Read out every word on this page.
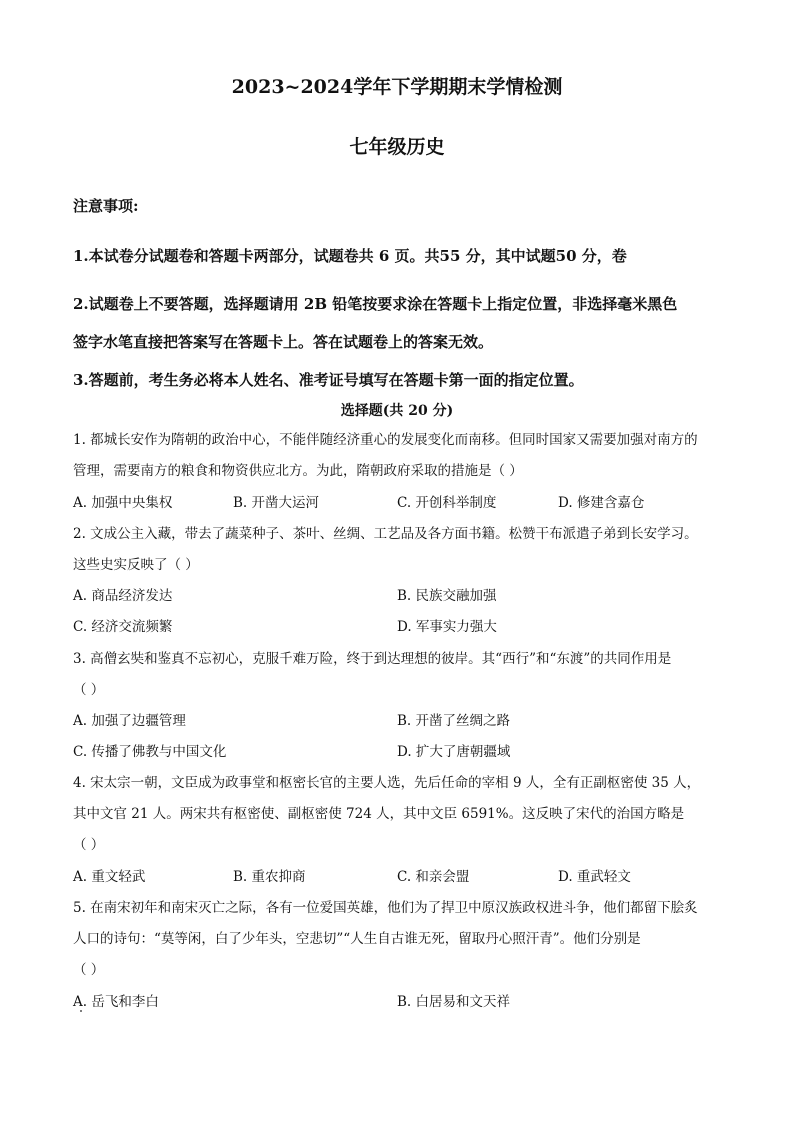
2023~2024学年下学期期末学情检测
七年级历史
注意事项:
1.本试卷分试题卷和答题卡两部分，试题卷共 6 页。共55 分，其中试题50 分，卷
2.试题卷上不要答题，选择题请用 2B 铅笔按要求涂在答题卡上指定位置，非选择毫米黑色
签字水笔直接把答案写在答题卡上。答在试题卷上的答案无效。
3.答题前，考生务必将本人姓名、准考证号填写在答题卡第一面的指定位置。
选择题(共 20 分)
1. 都城长安作为隋朝的政治中心，不能伴随经济重心的发展变化而南移。但同时国家又需要加强对南方的
管理，需要南方的粮食和物资供应北方。为此，隋朝政府采取的措施是（ ）
A. 加强中央集权	B. 开凿大运河	C. 开创科举制度	D. 修建含嘉仓
2. 文成公主入藏，带去了蔬菜种子、茶叶、丝绸、工艺品及各方面书籍。松赞干布派遣子弟到长安学习。
这些史实反映了（ ）
A. 商品经济发达	B. 民族交融加强
C. 经济交流频繁	D. 军事实力强大
3. 高僧玄奘和鉴真不忘初心，克服千难万险，终于到达理想的彼岸。其“西行”和“东渡”的共同作用是
（ ）
A. 加强了边疆管理	B. 开凿了丝绸之路
C. 传播了佛教与中国文化	D. 扩大了唐朝疆域
4. 宋太宗一朝，文臣成为政事堂和枢密长官的主要人选，先后任命的宰相 9 人，全有正副枢密使 35 人，
其中文官 21 人。两宋共有枢密使、副枢密使 724 人，其中文臣 6591%。这反映了宋代的治国方略是
（ ）
A. 重文轻武	B. 重农抑商	C. 和亲会盟	D. 重武轻文
5. 在南宋初年和南宋灭亡之际，各有一位爱国英雄，他们为了捍卫中原汉族政权进斗争，他们都留下脍炙
人口的诗句：“莫等闲，白了少年头，空悲切”“人生自古谁无死，留取丹心照汗青”。他们分别是
（ ）
A. 岳飞和李白	B. 白居易和文天祥
